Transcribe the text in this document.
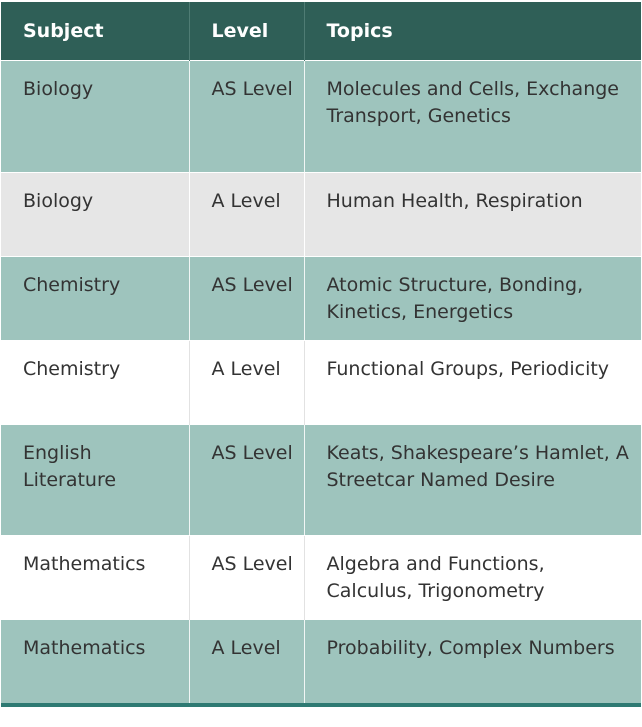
Subject	Level	Topics
Biology	AS Level	Molecules and Cells, Exchange Transport, Genetics
Biology	A Level	Human Health, Respiration
Chemistry	AS Level	Atomic Structure, Bonding, Kinetics, Energetics
Chemistry	A Level	Functional Groups, Periodicity
English Literature	AS Level	Keats, Shakespeare’s Hamlet, A Streetcar Named Desire
Mathematics	AS Level	Algebra and Functions, Calculus, Trigonometry
Mathematics	A Level	Probability, Complex Numbers
